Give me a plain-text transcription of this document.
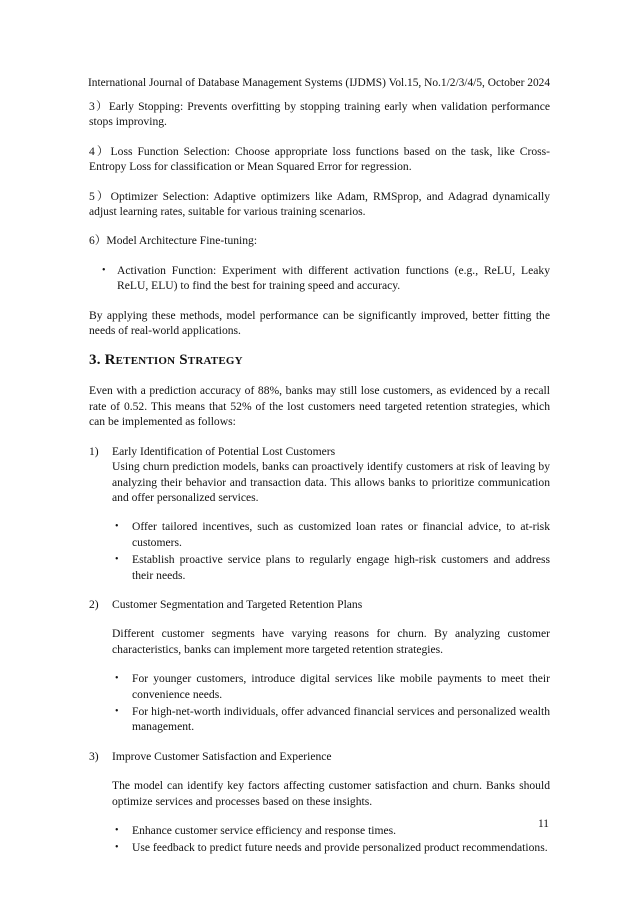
International Journal of Database Management Systems (IJDMS) Vol.15, No.1/2/3/4/5, October 2024

3）Early Stopping: Prevents overfitting by stopping training early when validation performance stops improving.

4）Loss Function Selection: Choose appropriate loss functions based on the task, like Cross-Entropy Loss for classification or Mean Squared Error for regression.

5）Optimizer Selection: Adaptive optimizers like Adam, RMSprop, and Adagrad dynamically adjust learning rates, suitable for various training scenarios.

6）Model Architecture Fine-tuning:

• Activation Function: Experiment with different activation functions (e.g., ReLU, Leaky ReLU, ELU) to find the best for training speed and accuracy.

By applying these methods, model performance can be significantly improved, better fitting the needs of real-world applications.

3. Retention Strategy

Even with a prediction accuracy of 88%, banks may still lose customers, as evidenced by a recall rate of 0.52. This means that 52% of the lost customers need targeted retention strategies, which can be implemented as follows:

1) Early Identification of Potential Lost Customers

Using churn prediction models, banks can proactively identify customers at risk of leaving by analyzing their behavior and transaction data. This allows banks to prioritize communication and offer personalized services.

• Offer tailored incentives, such as customized loan rates or financial advice, to at-risk customers.
• Establish proactive service plans to regularly engage high-risk customers and address their needs.
2) Customer Segmentation and Targeted Retention Plans

Different customer segments have varying reasons for churn. By analyzing customer characteristics, banks can implement more targeted retention strategies.

• For younger customers, introduce digital services like mobile payments to meet their convenience needs.
• For high-net-worth individuals, offer advanced financial services and personalized wealth management.
3) Improve Customer Satisfaction and Experience

The model can identify key factors affecting customer satisfaction and churn. Banks should optimize services and processes based on these insights.

• Enhance customer service efficiency and response times.
• Use feedback to predict future needs and provide personalized product recommendations.
11
